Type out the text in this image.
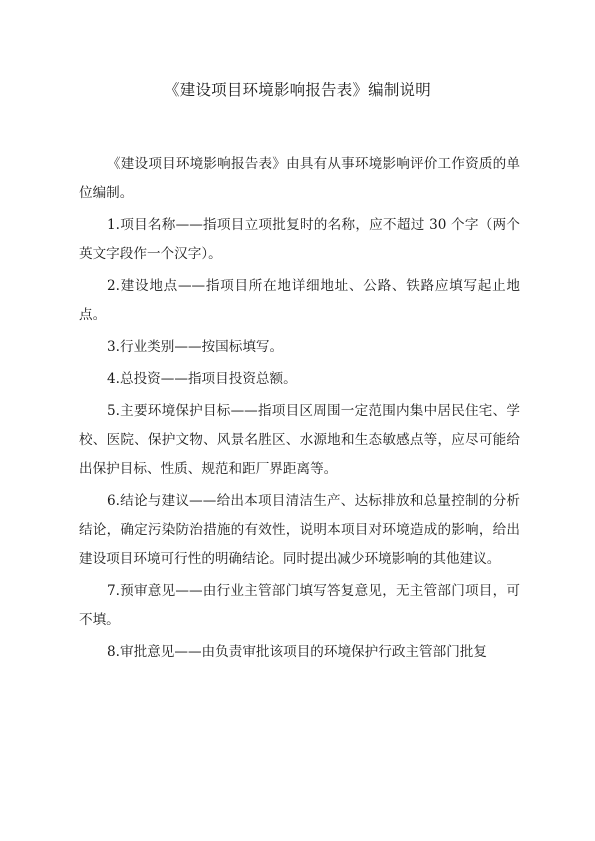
《建设项目环境影响报告表》编制说明

《建设项目环境影响报告表》由具有从事环境影响评价工作资质的单位编制。

1.项目名称——指项目立项批复时的名称，应不超过 30 个字（两个英文字段作一个汉字）。

2.建设地点——指项目所在地详细地址、公路、铁路应填写起止地点。

3.行业类别——按国标填写。

4.总投资——指项目投资总额。

5.主要环境保护目标——指项目区周围一定范围内集中居民住宅、学校、医院、保护文物、风景名胜区、水源地和生态敏感点等，应尽可能给出保护目标、性质、规范和距厂界距离等。

6.结论与建议——给出本项目清洁生产、达标排放和总量控制的分析结论，确定污染防治措施的有效性，说明本项目对环境造成的影响，给出建设项目环境可行性的明确结论。同时提出减少环境影响的其他建议。

7.预审意见——由行业主管部门填写答复意见，无主管部门项目，可不填。

8.审批意见——由负责审批该项目的环境保护行政主管部门批复
